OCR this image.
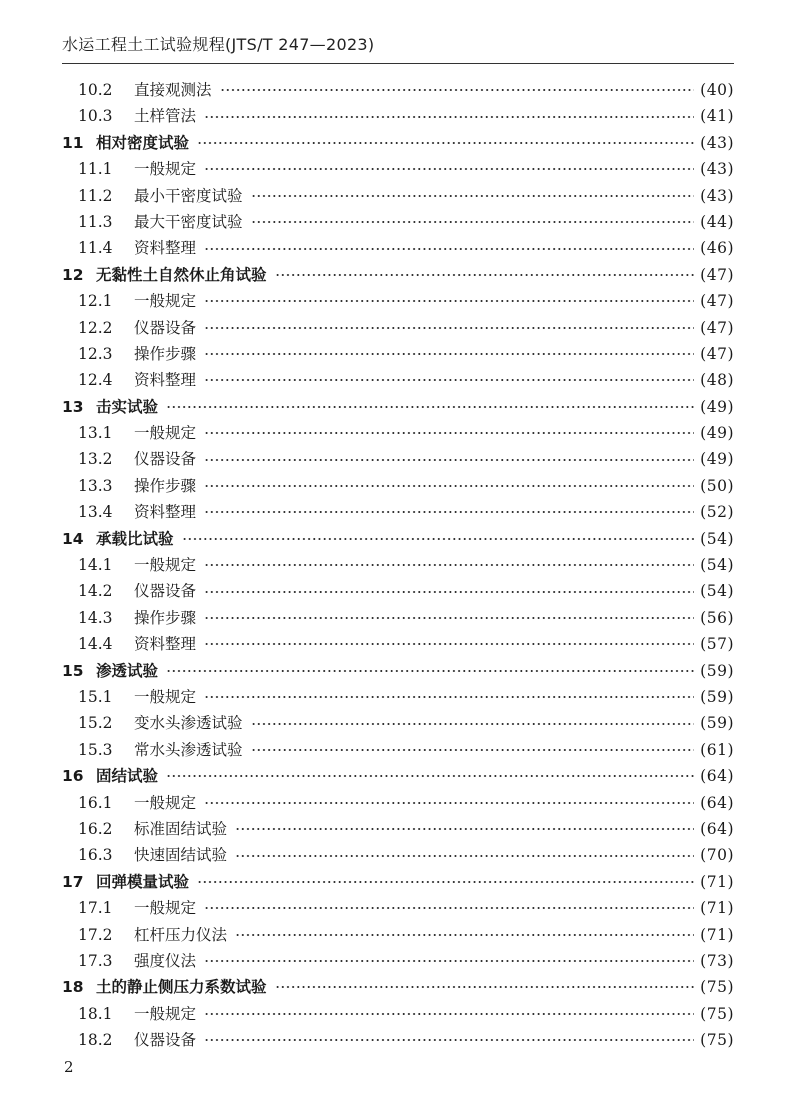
水运工程土工试验规程(JTS/T 247—2023)
10.2	直接观测法	(40)
10.3	土样管法	(41)
11 相对密度试验	(43)
11.1	一般规定	(43)
11.2	最小干密度试验	(43)
11.3	最大干密度试验	(44)
11.4	资料整理	(46)
12 无黏性土自然休止角试验	(47)
12.1	一般规定	(47)
12.2	仪器设备	(47)
12.3	操作步骤	(47)
12.4	资料整理	(48)
13 击实试验	(49)
13.1	一般规定	(49)
13.2	仪器设备	(49)
13.3	操作步骤	(50)
13.4	资料整理	(52)
14 承载比试验	(54)
14.1	一般规定	(54)
14.2	仪器设备	(54)
14.3	操作步骤	(56)
14.4	资料整理	(57)
15 渗透试验	(59)
15.1	一般规定	(59)
15.2	变水头渗透试验	(59)
15.3	常水头渗透试验	(61)
16 固结试验	(64)
16.1	一般规定	(64)
16.2	标准固结试验	(64)
16.3	快速固结试验	(70)
17 回弹模量试验	(71)
17.1	一般规定	(71)
17.2	杠杆压力仪法	(71)
17.3	强度仪法	(73)
18 土的静止侧压力系数试验	(75)
18.1	一般规定	(75)
18.2	仪器设备	(75)
2
